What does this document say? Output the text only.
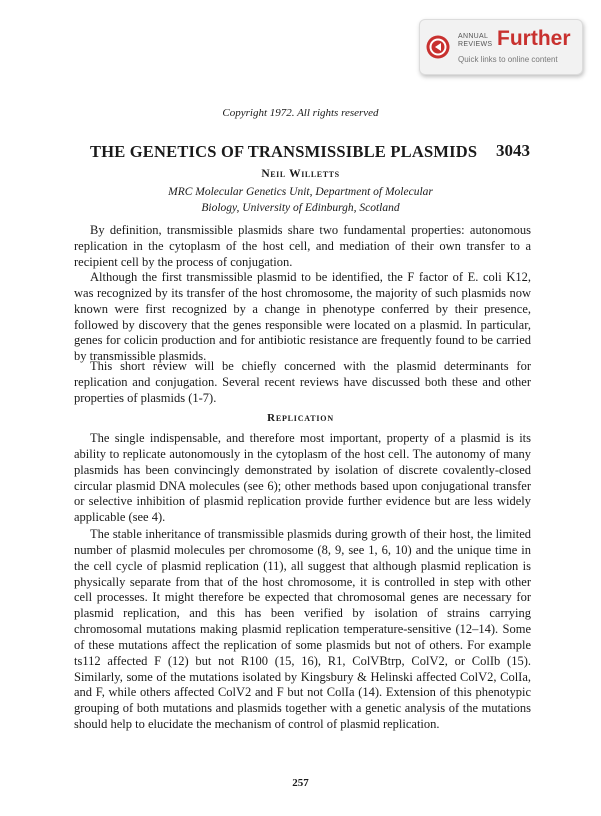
ANNUAL
REVIEWS Further
Quick links to online content
Copyright 1972. All rights reserved
THE GENETICS OF TRANSMISSIBLE PLASMIDS 3043
Neil Willetts
MRC Molecular Genetics Unit, Department of Molecular
Biology, University of Edinburgh, Scotland

By definition, transmissible plasmids share two fundamental properties: autonomous replication in the cytoplasm of the host cell, and mediation of their own transfer to a recipient cell by the process of conjugation.

Although the first transmissible plasmid to be identified, the F factor of E. coli K12, was recognized by its transfer of the host chromosome, the majority of such plasmids now known were first recognized by a change in phenotype conferred by their presence, followed by discovery that the genes responsible were located on a plasmid. In particular, genes for colicin production and for antibiotic resistance are frequently found to be carried by transmissible plasmids.

This short review will be chiefly concerned with the plasmid determinants for replication and conjugation. Several recent reviews have discussed both these and other properties of plasmids (1-7).

Replication

The single indispensable, and therefore most important, property of a plasmid is its ability to replicate autonomously in the cytoplasm of the host cell. The autonomy of many plasmids has been convincingly demonstrated by isolation of discrete covalently-closed circular plasmid DNA molecules (see 6); other methods based upon conjugational transfer or selective inhibition of plasmid replication provide further evidence but are less widely applicable (see 4).

The stable inheritance of transmissible plasmids during growth of their host, the limited number of plasmid molecules per chromosome (8, 9, see 1, 6, 10) and the unique time in the cell cycle of plasmid replication (11), all suggest that although plasmid replication is physically separate from that of the host chromosome, it is controlled in step with other cell processes. It might therefore be expected that chromosomal genes are necessary for plasmid replication, and this has been verified by isolation of strains carrying chromosomal mutations making plasmid replication temperature-sensitive (12–14). Some of these mutations affect the replication of some plasmids but not of others. For example ts112 affected F (12) but not R100 (15, 16), R1, ColVBtrp, ColV2, or ColIb (15). Similarly, some of the mutations isolated by Kingsbury & Helinski affected ColV2, ColIa, and F, while others affected ColV2 and F but not ColIa (14). Extension of this phenotypic grouping of both mutations and plasmids together with a genetic analysis of the mutations should help to elucidate the mechanism of control of plasmid replication.

257
